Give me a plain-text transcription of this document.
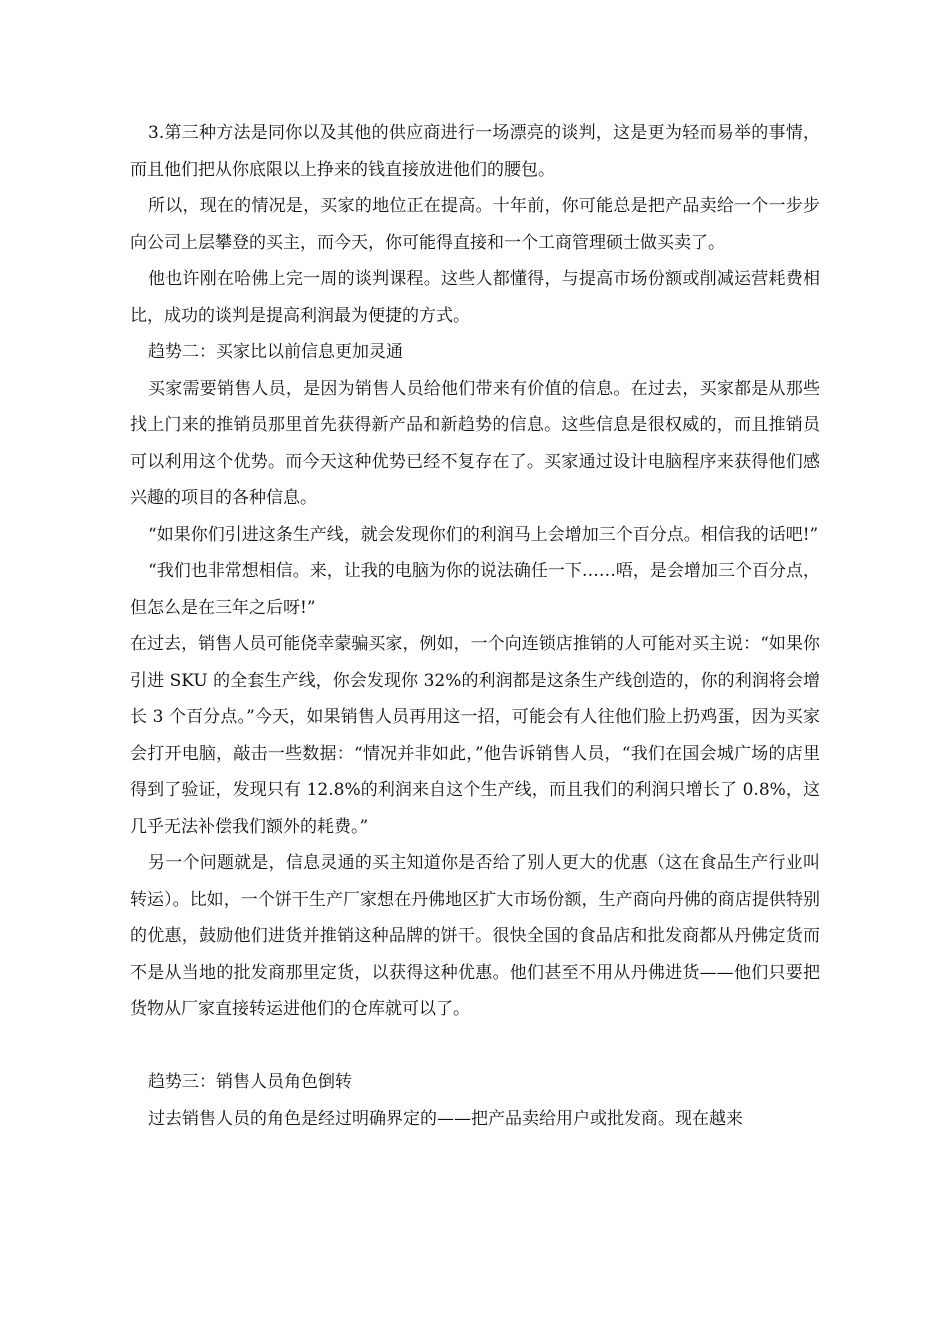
3.第三种方法是同你以及其他的供应商进行一场漂亮的谈判，这是更为轻而易举的事情，而且他们把从你底限以上挣来的钱直接放进他们的腰包。

所以，现在的情况是，买家的地位正在提高。十年前，你可能总是把产品卖给一个一步步向公司上层攀登的买主，而今天，你可能得直接和一个工商管理硕士做买卖了。

他也许刚在哈佛上完一周的谈判课程。这些人都懂得，与提高市场份额或削减运营耗费相比，成功的谈判是提高利润最为便捷的方式。

趋势二：买家比以前信息更加灵通

买家需要销售人员，是因为销售人员给他们带来有价值的信息。在过去，买家都是从那些找上门来的推销员那里首先获得新产品和新趋势的信息。这些信息是很权威的，而且推销员可以利用这个优势。而今天这种优势已经不复存在了。买家通过设计电脑程序来获得他们感兴趣的项目的各种信息。

“如果你们引进这条生产线，就会发现你们的利润马上会增加三个百分点。相信我的话吧!”

“我们也非常想相信。来，让我的电脑为你的说法确任一下……唔，是会增加三个百分点，但怎么是在三年之后呀!”

在过去，销售人员可能侥幸蒙骗买家，例如，一个向连锁店推销的人可能对买主说：“如果你引进 SKU 的全套生产线，你会发现你 32%的利润都是这条生产线创造的，你的利润将会增长 3 个百分点。”今天，如果销售人员再用这一招，可能会有人往他们脸上扔鸡蛋，因为买家会打开电脑，敲击一些数据：“情况并非如此，”他告诉销售人员，“我们在国会城广场的店里得到了验证，发现只有 12.8%的利润来自这个生产线，而且我们的利润只增长了 0.8%，这几乎无法补偿我们额外的耗费。”

另一个问题就是，信息灵通的买主知道你是否给了别人更大的优惠（这在食品生产行业叫转运）。比如，一个饼干生产厂家想在丹佛地区扩大市场份额，生产商向丹佛的商店提供特别的优惠，鼓励他们进货并推销这种品牌的饼干。很快全国的食品店和批发商都从丹佛定货而不是从当地的批发商那里定货，以获得这种优惠。他们甚至不用从丹佛进货——他们只要把货物从厂家直接转运进他们的仓库就可以了。

趋势三：销售人员角色倒转

过去销售人员的角色是经过明确界定的——把产品卖给用户或批发商。现在越来
